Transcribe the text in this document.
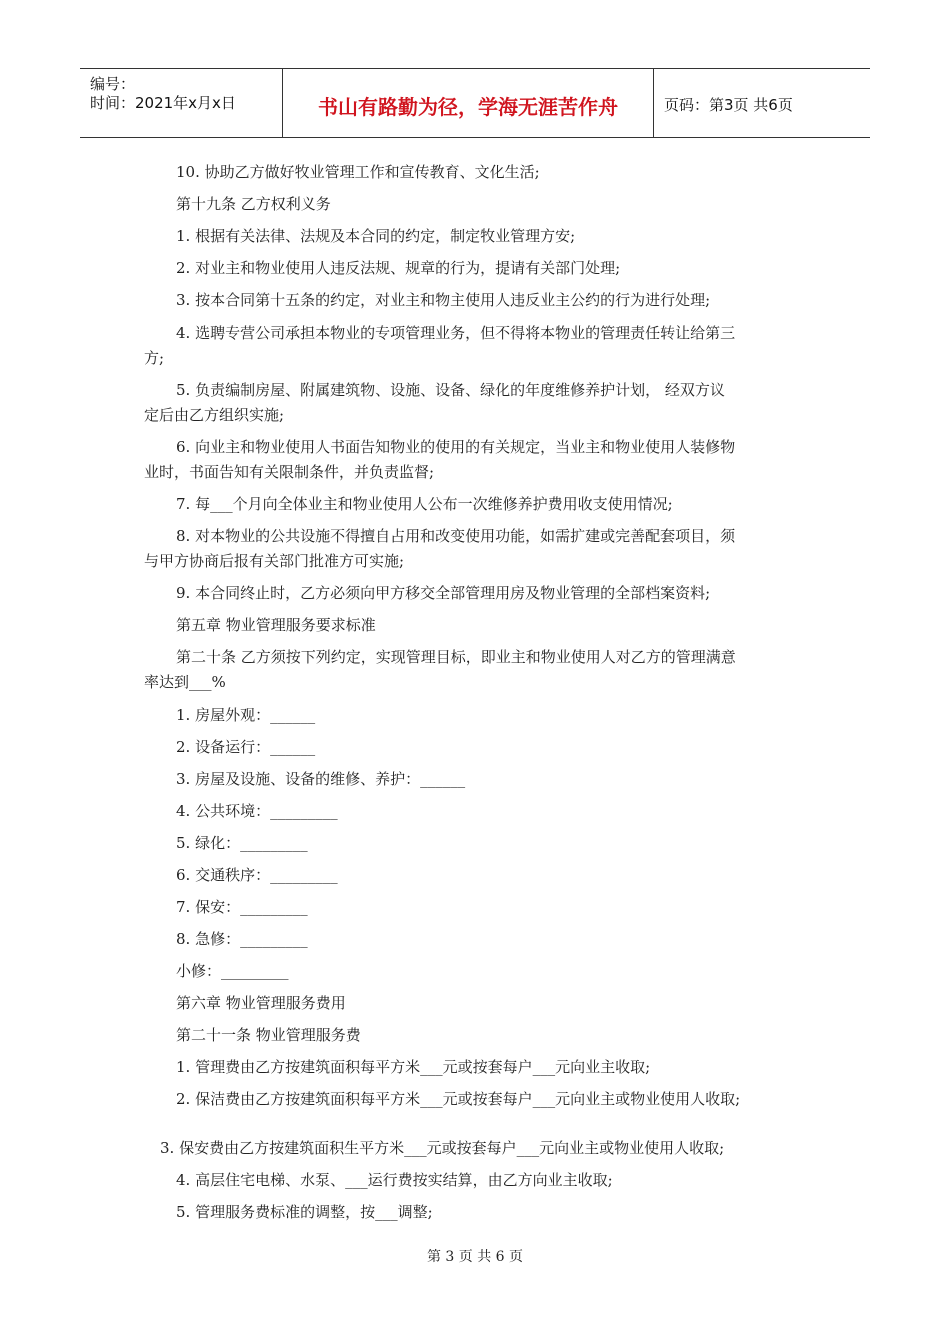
编号：
时间：2021年x月x日	书山有路勤为径，学海无涯苦作舟	页码：第3页 共6页
10. 协助乙方做好牧业管理工作和宣传教育、文化生活;
第十九条 乙方权利义务
1. 根据有关法律、法规及本合同的约定，制定牧业管理方安;
2. 对业主和物业使用人违反法规、规章的行为，提请有关部门处理;
3. 按本合同第十五条的约定，对业主和物主使用人违反业主公约的行为进行处理;
4. 选聘专营公司承担本物业的专项管理业务，但不得将本物业的管理责任转让给第三
方;
5. 负责编制房屋、附属建筑物、设施、设备、绿化的年度维修养护计划， 经双方议
定后由乙方组织实施;
6. 向业主和物业使用人书面告知物业的使用的有关规定，当业主和物业使用人装修物
业时，书面告知有关限制条件，并负责监督;
7. 每___个月向全体业主和物业使用人公布一次维修养护费用收支使用情况;
8. 对本物业的公共设施不得擅自占用和改变使用功能，如需扩建或完善配套项目，须
与甲方协商后报有关部门批准方可实施;
9. 本合同终止时，乙方必须向甲方移交全部管理用房及物业管理的全部档案资料;
第五章 物业管理服务要求标准
第二十条 乙方须按下列约定，实现管理目标，即业主和物业使用人对乙方的管理满意
率达到___%
1. 房屋外观：______
2. 设备运行：______
3. 房屋及设施、设备的维修、养护：______
4. 公共环境：_________
5. 绿化：_________
6. 交通秩序：_________
7. 保安：_________
8. 急修：_________
小修：_________
第六章 物业管理服务费用
第二十一条 物业管理服务费
1. 管理费由乙方按建筑面积每平方米___元或按套每户___元向业主收取;
2. 保洁费由乙方按建筑面积每平方米___元或按套每户___元向业主或物业使用人收取;
3. 保安费由乙方按建筑面积生平方米___元或按套每户___元向业主或物业使用人收取;
4. 高层住宅电梯、水泵、___运行费按实结算，由乙方向业主收取;
5. 管理服务费标准的调整，按___调整;
第 3 页 共 6 页
